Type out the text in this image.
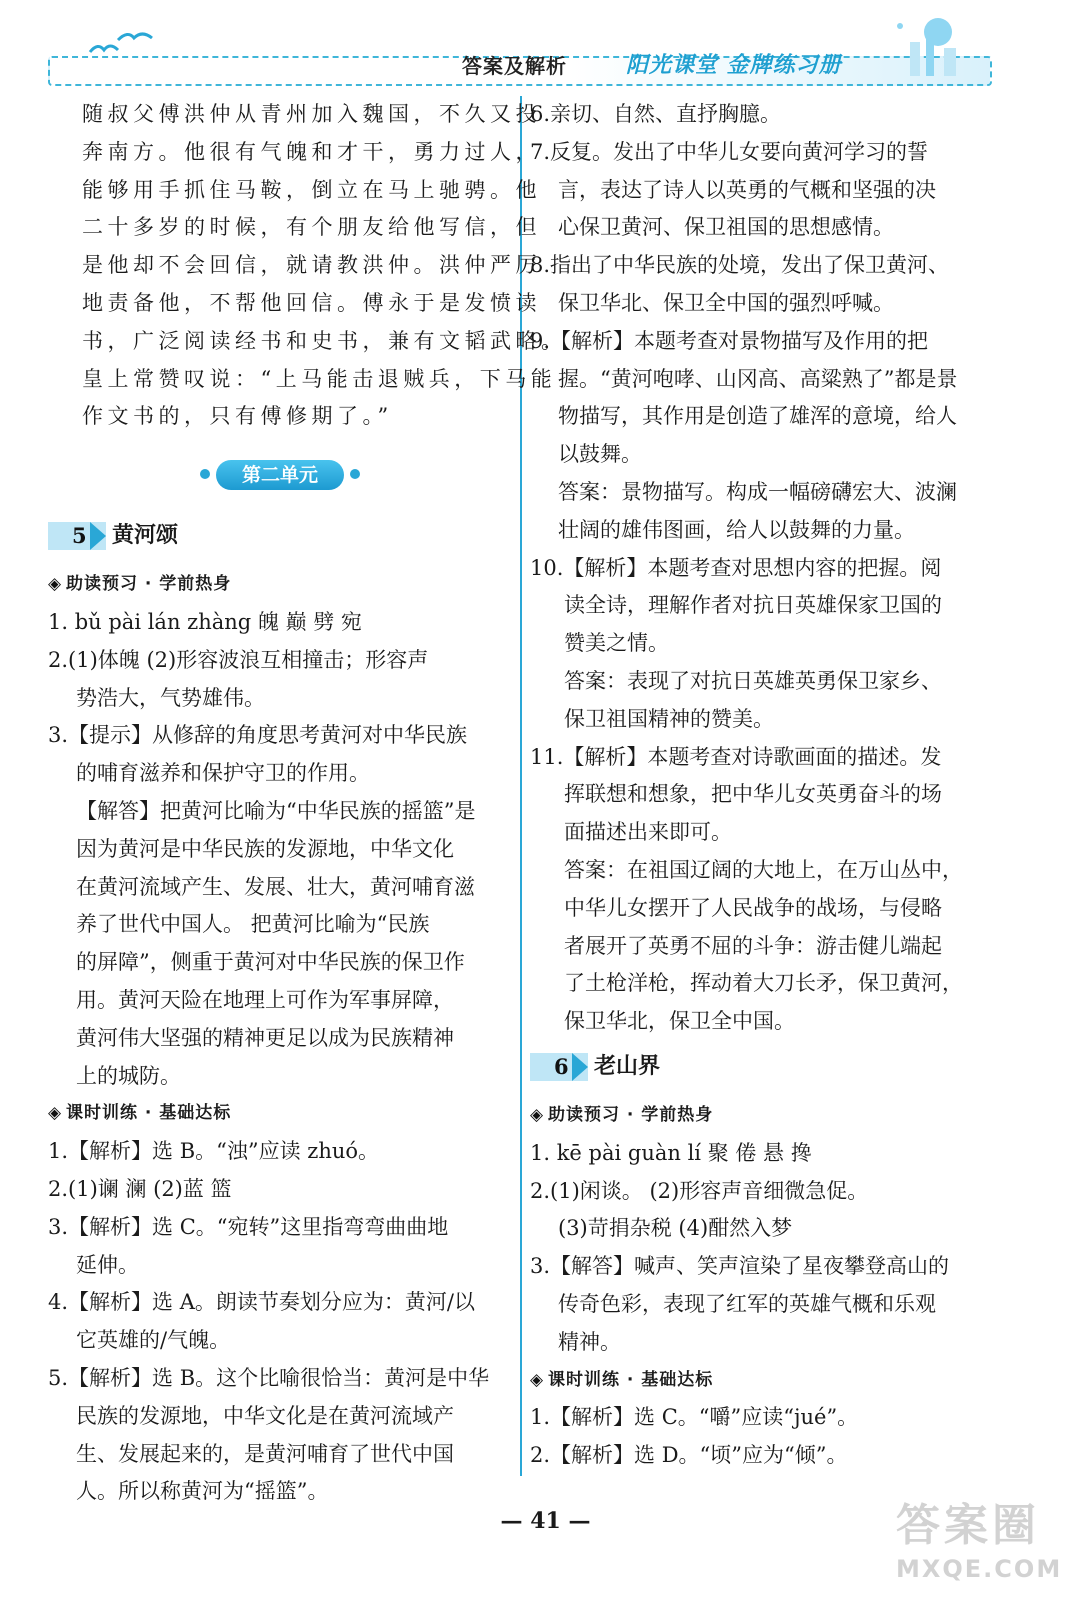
答案及解析	阳光课堂 金牌练习册
随叔父傅洪仲从青州加入魏国，不久又投
奔南方。他很有气魄和才干，勇力过人，
能够用手抓住马鞍，倒立在马上驰骋。他
二十多岁的时候，有个朋友给他写信，但
是他却不会回信，就请教洪仲。洪仲严厉
地责备他，不帮他回信。傅永于是发愤读
书，广泛阅读经书和史书，兼有文韬武略。
皇上常赞叹说：“上马能击退贼兵，下马能
作文书的，只有傅修期了。”
第二单元
5 黄河颂
◈ 助读预习 · 学前热身
1. bǔ pài lán zhàng 魄 巅 劈 宛
2.(1)体魄 (2)形容波浪互相撞击；形容声
势浩大，气势雄伟。
3.【提示】从修辞的角度思考黄河对中华民族
的哺育滋养和保护守卫的作用。
【解答】把黄河比喻为“中华民族的摇篮”是
因为黄河是中华民族的发源地，中华文化
在黄河流域产生、发展、壮大，黄河哺育滋
养了世代中国人。 把黄河比喻为“民族
的屏障”，侧重于黄河对中华民族的保卫作
用。黄河天险在地理上可作为军事屏障，
黄河伟大坚强的精神更足以成为民族精神
上的城防。
◈ 课时训练 · 基础达标
1.【解析】选 B。“浊”应读 zhuó。
2.(1)谰 澜 (2)蓝 篮
3.【解析】选 C。“宛转”这里指弯弯曲曲地
延伸。
4.【解析】选 A。朗读节奏划分应为：黄河/以
它英雄的/气魄。
5.【解析】选 B。这个比喻很恰当：黄河是中华
民族的发源地，中华文化是在黄河流域产
生、发展起来的，是黄河哺育了世代中国
人。所以称黄河为“摇篮”。
6.亲切、自然、直抒胸臆。
7.反复。发出了中华儿女要向黄河学习的誓
言，表达了诗人以英勇的气概和坚强的决
心保卫黄河、保卫祖国的思想感情。
8.指出了中华民族的处境，发出了保卫黄河、
保卫华北、保卫全中国的强烈呼喊。
9.【解析】本题考查对景物描写及作用的把
握。“黄河咆哮、山冈高、高粱熟了”都是景
物描写，其作用是创造了雄浑的意境，给人
以鼓舞。
答案：景物描写。构成一幅磅礴宏大、波澜
壮阔的雄伟图画，给人以鼓舞的力量。
10.【解析】本题考查对思想内容的把握。阅
读全诗，理解作者对抗日英雄保家卫国的
赞美之情。
答案：表现了对抗日英雄英勇保卫家乡、
保卫祖国精神的赞美。
11.【解析】本题考查对诗歌画面的描述。发
挥联想和想象，把中华儿女英勇奋斗的场
面描述出来即可。
答案：在祖国辽阔的大地上，在万山丛中，
中华儿女摆开了人民战争的战场，与侵略
者展开了英勇不屈的斗争：游击健儿端起
了土枪洋枪，挥动着大刀长矛，保卫黄河，
保卫华北，保卫全中国。
6 老山界
◈ 助读预习 · 学前热身
1. kē pài guàn lí 聚 倦 悬 搀
2.(1)闲谈。 (2)形容声音细微急促。
(3)苛捐杂税 (4)酣然入梦
3.【解答】喊声、笑声渲染了星夜攀登高山的
传奇色彩，表现了红军的英雄气概和乐观
精神。
◈ 课时训练 · 基础达标
1.【解析】选 C。“嚼”应读“jué”。
2.【解析】选 D。“顷”应为“倾”。
— 41 —	答案圈
MXQE.COM
